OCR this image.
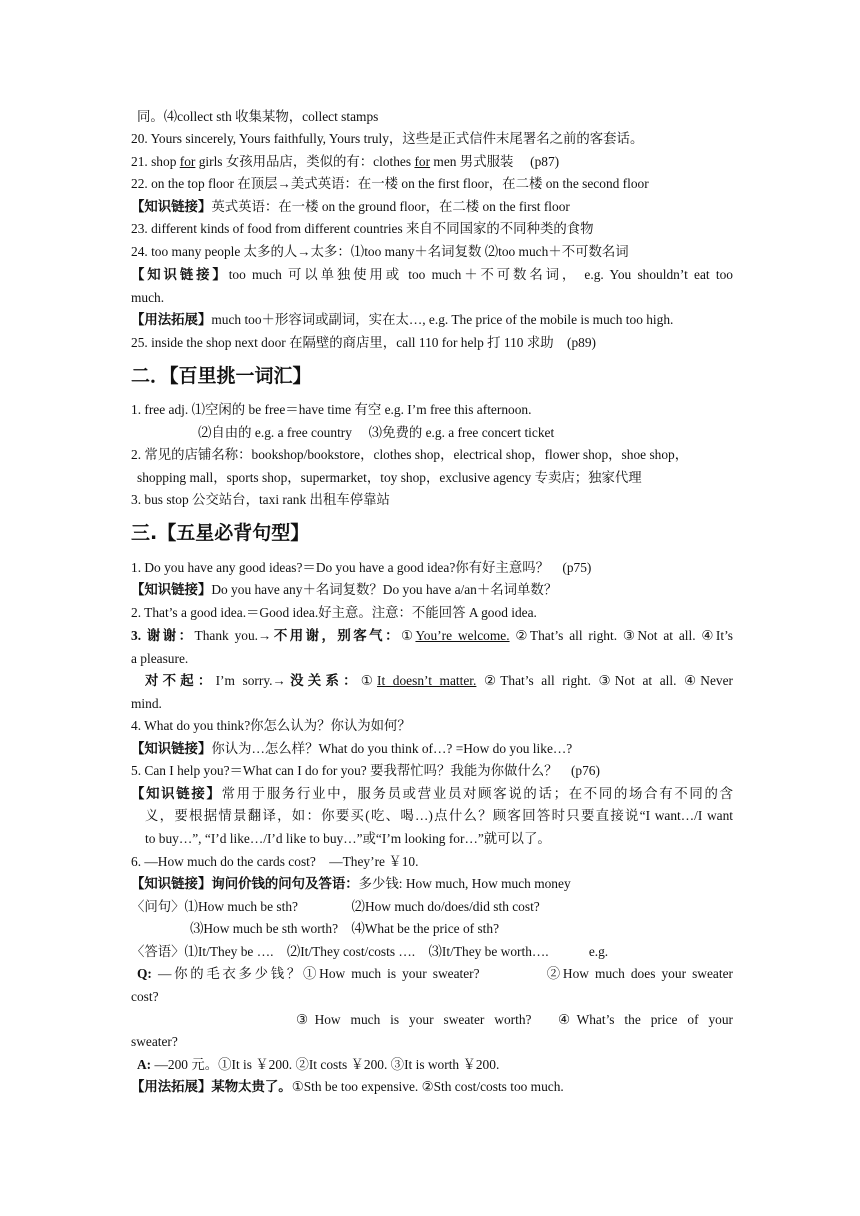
同。⑷collect sth 收集某物，collect stamps
20. Yours sincerely, Yours faithfully, Yours truly，这些是正式信件末尾署名之前的客套话。
21. shop for girls 女孩用品店，类似的有：clothes for men 男式服装　 (p87)
22. on the top floor 在顶层→美式英语：在一楼 on the first floor，在二楼 on the second floor
【知识链接】英式英语：在一楼 on the ground floor，在二楼 on the first floor
23. different kinds of food from different countries 来自不同国家的不同种类的食物
24. too many people 太多的人→太多：⑴too many＋名词复数 ⑵too much＋不可数名词
【知识链接】too much 可以单独使用或 too much＋不可数名词， e.g. You shouldn’t eat too
much.
【用法拓展】much too＋形容词或副词，实在太…, e.g. The price of the mobile is much too high.
25. inside the shop next door 在隔壁的商店里，call 110 for help 打 110 求助　(p89)
二．【百里挑一词汇】
1. free adj. ⑴空闲的 be free＝have time 有空 e.g. I’m free this afternoon.
⑵自由的 e.g. a free country　 ⑶免费的 e.g. a free concert ticket
2. 常见的店铺名称：bookshop/bookstore，clothes shop，electrical shop，flower shop，shoe shop，
shopping mall，sports shop，supermarket，toy shop，exclusive agency 专卖店；独家代理
3. bus stop 公交站台，taxi rank 出租车停靠站
三.【五星必背句型】
1. Do you have any good ideas?＝Do you have a good idea?你有好主意吗？　(p75)
【知识链接】Do you have any＋名词复数？Do you have a/an＋名词单数？
2. That’s a good idea.＝Good idea.好主意。注意：不能回答 A good idea.
3. 谢谢：Thank you.→不用谢，别客气：①You’re welcome. ②That’s all right. ③Not at all. ④It’s
a pleasure.
对不起：I’m sorry.→没关系：①It doesn’t matter. ②That’s all right. ③Not at all. ④Never
mind.
4. What do you think?你怎么认为？你认为如何？
【知识链接】你认为…怎么样？What do you think of…? =How do you like…?
5. Can I help you?＝What can I do for you? 要我帮忙吗？我能为你做什么？　(p76)
【知识链接】常用于服务行业中，服务员或营业员对顾客说的话；在不同的场合有不同的含
义，要根据情景翻译，如：你要买(吃、喝…)点什么？顾客回答时只要直接说“I want…/I want
to buy…”, “I’d like…/I’d like to buy…”或“I’m looking for…”就可以了。
6. —How much do the cards cost?　—They’re ￥10.
【知识链接】询问价钱的问句及答语：多少钱: How much, How much money
〈问句〉⑴How much be sth?　　　　⑵How much do/does/did sth cost?
⑶How much be sth worth?　⑷What be the price of sth?
〈答语〉⑴It/They be ….　⑵It/They cost/costs ….　⑶It/They be worth….　　　e.g.
Q: —你的毛衣多少钱？①How much is your sweater?　　　　②How much does your sweater
cost?
③How much is your sweater worth?　④What’s the price of your
sweater?
A: —200 元。①It is ￥200. ②It costs ￥200. ③It is worth ￥200.
【用法拓展】某物太贵了。①Sth be too expensive. ②Sth cost/costs too much.
